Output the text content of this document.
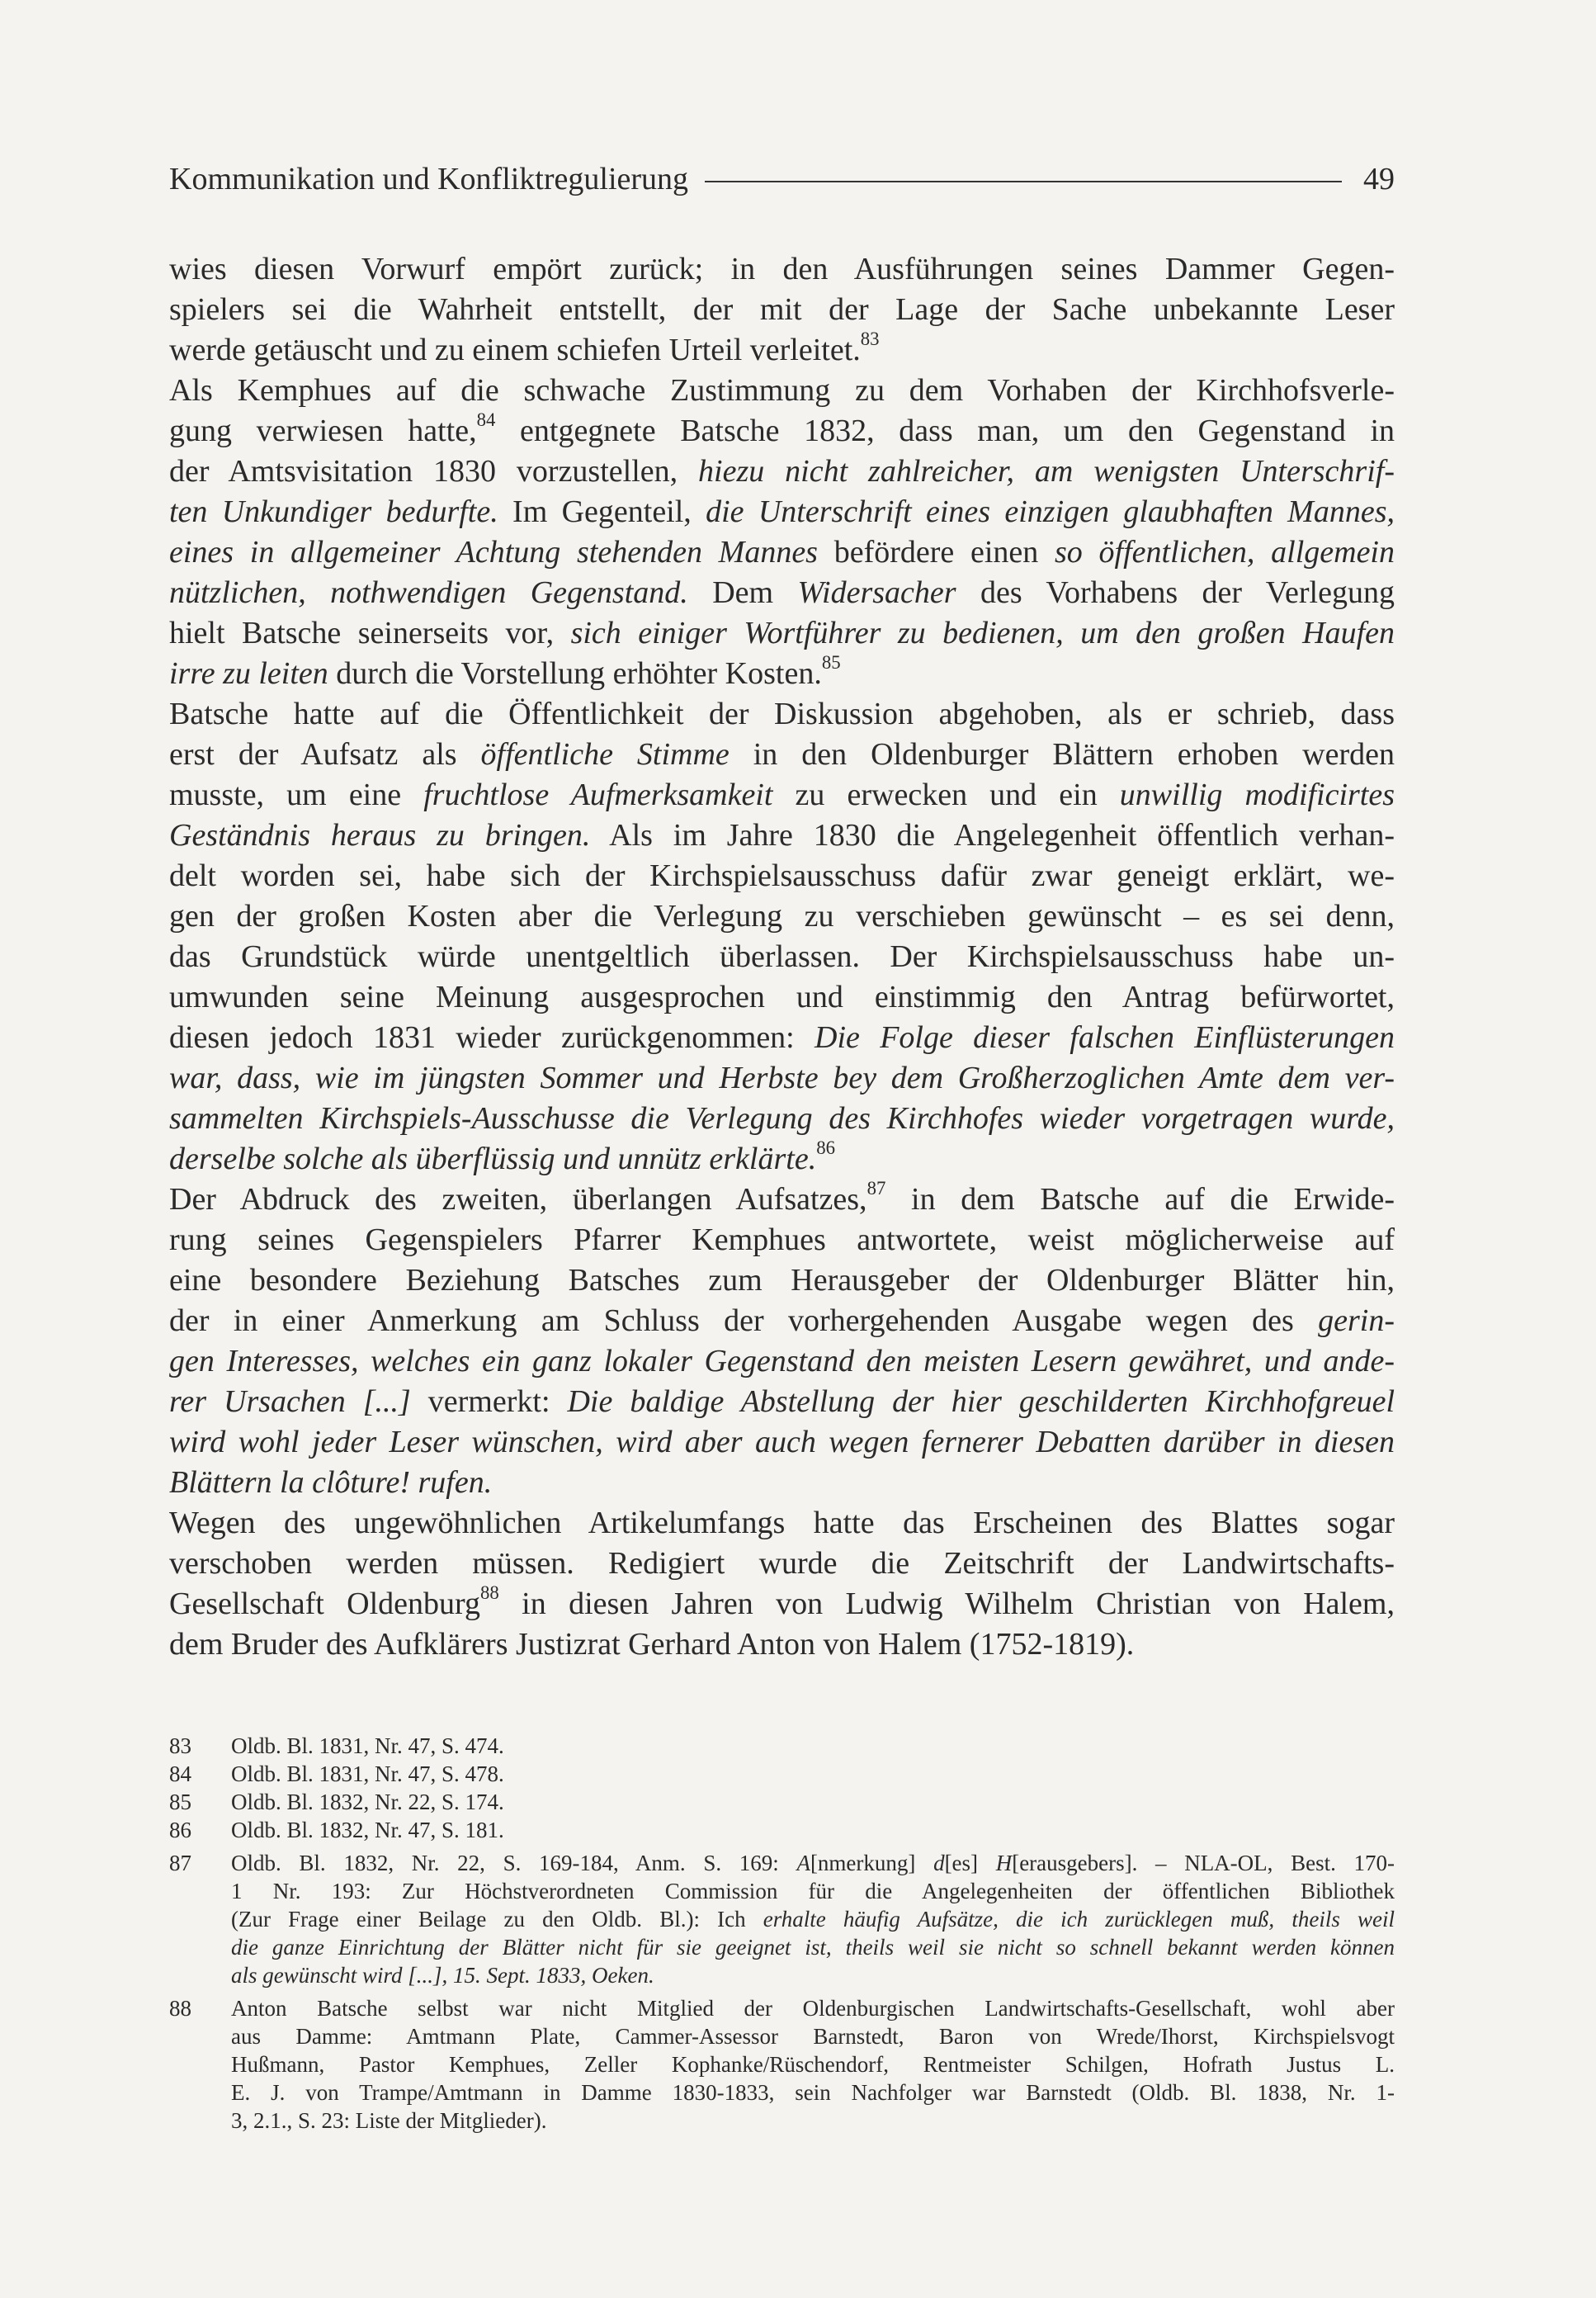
Kommunikation und Konfliktregulierung	49
wies diesen Vorwurf empört zurück; in den Ausführungen seines Dammer Gegen-
spielers sei die Wahrheit entstellt, der mit der Lage der Sache unbekannte Leser
werde getäuscht und zu einem schiefen Urteil verleitet.$^{83}$
Als Kemphues auf die schwache Zustimmung zu dem Vorhaben der Kirchhofsverle-
gung verwiesen hatte,$^{84}$ entgegnete Batsche 1832, dass man, um den Gegenstand in
der Amtsvisitation 1830 vorzustellen, hiezu nicht zahlreicher, am wenigsten Unterschrif-
ten Unkundiger bedurfte. Im Gegenteil, die Unterschrift eines einzigen glaubhaften Mannes,
eines in allgemeiner Achtung stehenden Mannes befördere einen so öffentlichen, allgemein
nützlichen, nothwendigen Gegenstand. Dem Widersacher des Vorhabens der Verlegung
hielt Batsche seinerseits vor, sich einiger Wortführer zu bedienen, um den großen Haufen
irre zu leiten durch die Vorstellung erhöhter Kosten.$^{85}$
Batsche hatte auf die Öffentlichkeit der Diskussion abgehoben, als er schrieb, dass
erst der Aufsatz als öffentliche Stimme in den Oldenburger Blättern erhoben werden
musste, um eine fruchtlose Aufmerksamkeit zu erwecken und ein unwillig modificirtes
Geständnis heraus zu bringen. Als im Jahre 1830 die Angelegenheit öffentlich verhan-
delt worden sei, habe sich der Kirchspielsausschuss dafür zwar geneigt erklärt, we-
gen der großen Kosten aber die Verlegung zu verschieben gewünscht – es sei denn,
das Grundstück würde unentgeltlich überlassen. Der Kirchspielsausschuss habe un-
umwunden seine Meinung ausgesprochen und einstimmig den Antrag befürwortet,
diesen jedoch 1831 wieder zurückgenommen: Die Folge dieser falschen Einflüsterungen
war, dass, wie im jüngsten Sommer und Herbste bey dem Großherzoglichen Amte dem ver-
sammelten Kirchspiels-Ausschusse die Verlegung des Kirchhofes wieder vorgetragen wurde,
derselbe solche als überflüssig und unnütz erklärte.$^{86}$
Der Abdruck des zweiten, überlangen Aufsatzes,$^{87}$ in dem Batsche auf die Erwide-
rung seines Gegenspielers Pfarrer Kemphues antwortete, weist möglicherweise auf
eine besondere Beziehung Batsches zum Herausgeber der Oldenburger Blätter hin,
der in einer Anmerkung am Schluss der vorhergehenden Ausgabe wegen des gerin-
gen Interesses, welches ein ganz lokaler Gegenstand den meisten Lesern gewähret, und ande-
rer Ursachen [...] vermerkt: Die baldige Abstellung der hier geschilderten Kirchhofgreuel
wird wohl jeder Leser wünschen, wird aber auch wegen fernerer Debatten darüber in diesen
Blättern la clôture! rufen.
Wegen des ungewöhnlichen Artikelumfangs hatte das Erscheinen des Blattes sogar
verschoben werden müssen. Redigiert wurde die Zeitschrift der Landwirtschafts-
Gesellschaft Oldenburg$^{88}$ in diesen Jahren von Ludwig Wilhelm Christian von Halem,
dem Bruder des Aufklärers Justizrat Gerhard Anton von Halem (1752-1819).
83	Oldb. Bl. 1831, Nr. 47, S. 474.
84	Oldb. Bl. 1831, Nr. 47, S. 478.
85	Oldb. Bl. 1832, Nr. 22, S. 174.
86	Oldb. Bl. 1832, Nr. 47, S. 181.
87	Oldb. Bl. 1832, Nr. 22, S. 169-184, Anm. S. 169: A[nmerkung] d[es] H[erausgebers]. – NLA-OL, Best. 170-
1 Nr. 193: Zur Höchstverordneten Commission für die Angelegenheiten der öffentlichen Bibliothek
(Zur Frage einer Beilage zu den Oldb. Bl.): Ich erhalte häufig Aufsätze, die ich zurücklegen muß, theils weil
die ganze Einrichtung der Blätter nicht für sie geeignet ist, theils weil sie nicht so schnell bekannt werden können
als gewünscht wird [...], 15. Sept. 1833, Oeken.
88	Anton Batsche selbst war nicht Mitglied der Oldenburgischen Landwirtschafts-Gesellschaft, wohl aber
aus Damme: Amtmann Plate, Cammer-Assessor Barnstedt, Baron von Wrede/Ihorst, Kirchspielsvogt
Hußmann, Pastor Kemphues, Zeller Kophanke/Rüschendorf, Rentmeister Schilgen, Hofrath Justus L.
E. J. von Trampe/Amtmann in Damme 1830-1833, sein Nachfolger war Barnstedt (Oldb. Bl. 1838, Nr. 1-
3, 2.1., S. 23: Liste der Mitglieder).
